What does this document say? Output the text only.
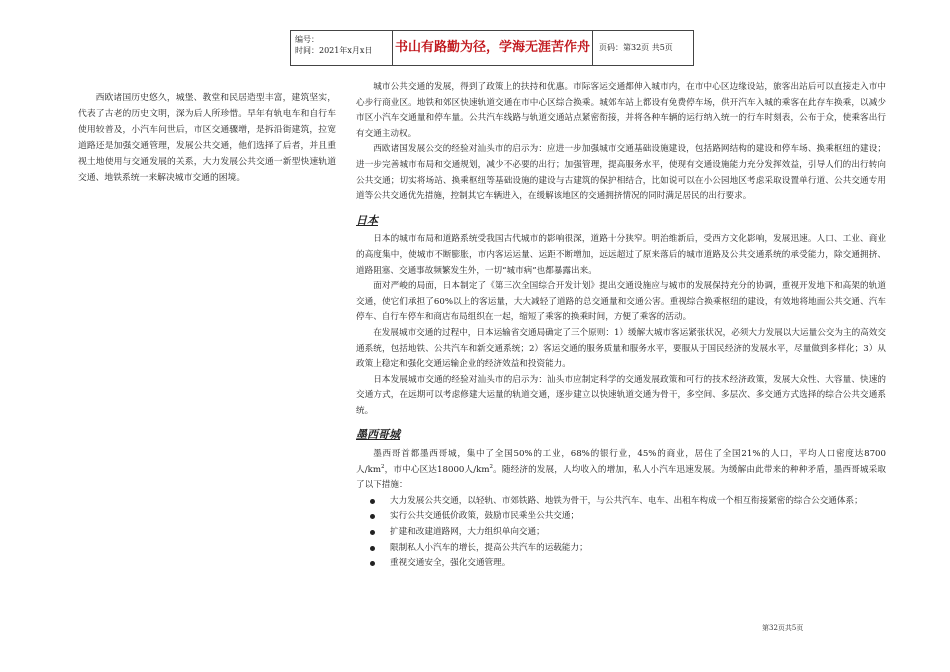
编号：
时间：2021年x月x日	书山有路勤为径，学海无涯苦作舟	页码：第32页 共5页

西欧诸国历史悠久，城堡、教堂和民居造型丰富，建筑坚实，代表了古老的历史文明，深为后人所珍惜。早年有轨电车和自行车使用较普及，小汽车问世后，市区交通骤增，是拆沿街建筑，拉宽道路还是加强交通管理，发展公共交通，他们选择了后者，并且重视土地使用与交通发展的关系，大力发展公共交通一新型快速轨道交通、地铁系统一来解决城市交通的困境。

城市公共交通的发展，得到了政策上的扶持和优惠。市际客运交通都伸入城市内，在市中心区边缘设站，旅客出站后可以直接走入市中心步行商业区。地铁和郊区快速轨道交通在市中心区综合换乘。城郊车站上都设有免费停车场，供开汽车入城的乘客在此存车换乘，以减少市区小汽车交通量和停车量。公共汽车线路与轨道交通站点紧密衔接，并将各种车辆的运行纳入统一的行车时刻表，公布于众，使乘客出行有交通主动权。

西欧诸国发展公交的经验对汕头市的启示为：应进一步加强城市交通基础设施建设，包括路网结构的建设和停车场、换乘枢纽的建设；进一步完善城市布局和交通规划，减少不必要的出行；加强管理，提高服务水平，使现有交通设施能力充分发挥效益，引导人们的出行转向公共交通；切实将场站、换乘枢纽等基础设施的建设与古建筑的保护相结合，比如说可以在小公园地区考虑采取设置单行道、公共交通专用道等公共交通优先措施，控制其它车辆进入，在缓解该地区的交通拥挤情况的同时满足居民的出行要求。

日本

日本的城市布局和道路系统受我国古代城市的影响很深，道路十分狭窄。明治维新后，受西方文化影响，发展迅速。人口、工业、商业的高度集中，使城市不断膨胀，市内客运运量、运距不断增加，远远超过了原来落后的城市道路及公共交通系统的承受能力，除交通拥挤、道路阻塞、交通事故频繁发生外，一切“城市病”也都暴露出来。

面对严峻的局面，日本制定了《第三次全国综合开发计划》提出交通设施应与城市的发展保持充分的协调，重视开发地下和高架的轨道交通，使它们承担了60%以上的客运量，大大减轻了道路的总交通量和交通公害。重视综合换乘枢纽的建设，有效地将地面公共交通、汽车停车、自行车停车和商店布局组织在一起，缩短了乘客的换乘时间，方便了乘客的活动。

在发展城市交通的过程中，日本运输省交通局确定了三个原则：1）缓解大城市客运紧张状况，必须大力发展以大运量公交为主的高效交通系统，包括地铁、公共汽车和新交通系统；2）客运交通的服务质量和服务水平，要服从于国民经济的发展水平，尽量做到多样化；3）从政策上稳定和强化交通运输企业的经济效益和投资能力。

日本发展城市交通的经验对汕头市的启示为：汕头市应制定科学的交通发展政策和可行的技术经济政策，发展大众性、大容量、快速的交通方式，在远期可以考虑修建大运量的轨道交通，逐步建立以快速轨道交通为骨干，多空间、多层次、多交通方式选择的综合公共交通系统。

墨西哥城

墨西哥首都墨西哥城，集中了全国50%的工业，68%的银行业，45%的商业，居住了全国21%的人口，平均人口密度达8700人$/km^2$，市中心区达18000人$/km^2$。随经济的发展，人均收入的增加，私人小汽车迅速发展。为缓解由此带来的种种矛盾，墨西哥城采取了以下措施：

大力发展公共交通，以轻轨、市郊铁路、地铁为骨干，与公共汽车、电车、出租车构成一个相互衔接紧密的综合公交通体系；
实行公共交通低价政策，鼓励市民乘坐公共交通；
扩建和改建道路网，大力组织单向交通；
限制私人小汽车的增长，提高公共汽车的运载能力；
重视交通安全，强化交通管理。
第32页共5页
